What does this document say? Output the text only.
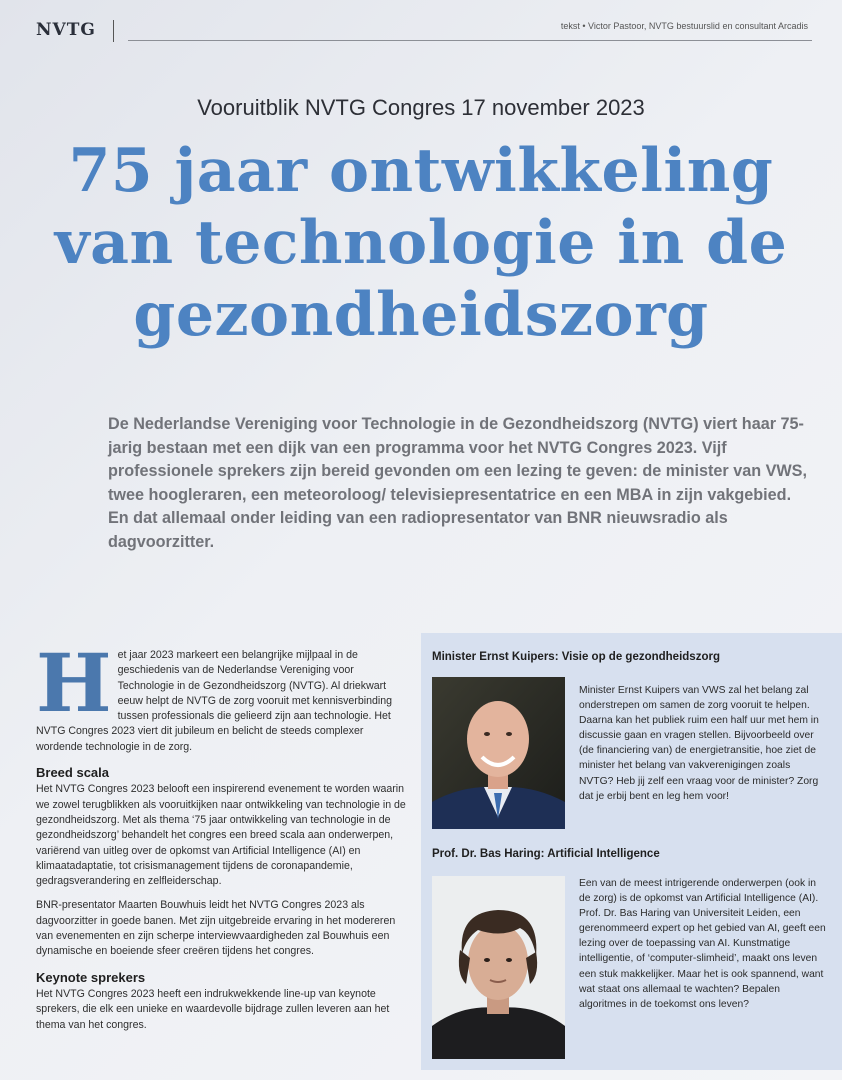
NVTG	tekst • Victor Pastoor, NVTG bestuurslid en consultant Arcadis
Vooruitblik NVTG Congres 17 november 2023
75 jaar ontwikkeling van technologie in de gezondheidszorg

De Nederlandse Vereniging voor Technologie in de Gezondheidszorg (NVTG) viert haar 75-jarig bestaan met een dijk van een programma voor het NVTG Congres 2023. Vijf professionele sprekers zijn bereid gevonden om een lezing te geven: de minister van VWS, twee hoogleraren, een meteoroloog/ televisiepresentatrice en een MBA in zijn vakgebied. En dat allemaal onder leiding van een radiopresentator van BNR nieuwsradio als dagvoorzitter.

Het jaar 2023 markeert een belangrijke mijlpaal in de geschiedenis van de Nederlandse Vereniging voor Technologie in de Gezondheidszorg (NVTG). Al driekwart eeuw helpt de NVTG de zorg vooruit met kennisverbinding tussen professionals die gelieerd zijn aan technologie. Het NVTG Congres 2023 viert dit jubileum en belicht de steeds complexer wordende technologie in de zorg.

Breed scala

Het NVTG Congres 2023 belooft een inspirerend evenement te worden waarin we zowel terugblikken als vooruitkijken naar ontwikkeling van technologie in de gezondheidszorg. Met als thema ‘75 jaar ontwikkeling van technologie in de gezondheidszorg’ behandelt het congres een breed scala aan onderwerpen, variërend van uitleg over de opkomst van Artificial Intelligence (AI) en klimaatadaptatie, tot crisismanagement tijdens de coronapandemie, gedragsverandering en zelfleiderschap.

BNR-presentator Maarten Bouwhuis leidt het NVTG Congres 2023 als dagvoorzitter in goede banen. Met zijn uitgebreide ervaring in het modereren van evenementen en zijn scherpe interviewvaardigheden zal Bouwhuis een dynamische en boeiende sfeer creëren tijdens het congres.

Keynote sprekers

Het NVTG Congres 2023 heeft een indrukwekkende line-up van keynote sprekers, die elk een unieke en waardevolle bijdrage zullen leveren aan het thema van het congres.

Minister Ernst Kuipers: Visie op de gezondheidszorg

Minister Ernst Kuipers van VWS zal het belang zal onderstrepen om samen de zorg vooruit te helpen. Daarna kan het publiek ruim een half uur met hem in discussie gaan en vragen stellen. Bijvoorbeeld over (de financiering van) de energietransitie, hoe ziet de minister het belang van vakverenigingen zoals NVTG? Heb jij zelf een vraag voor de minister? Zorg dat je erbij bent en leg hem voor!

Prof. Dr. Bas Haring: Artificial Intelligence

Een van de meest intrigerende onderwerpen (ook in de zorg) is de opkomst van Artificial Intelligence (AI). Prof. Dr. Bas Haring van Universiteit Leiden, een gerenommeerd expert op het gebied van AI, geeft een lezing over de toepassing van AI. Kunstmatige intelligentie, of ‘computer-slimheid’, maakt ons leven een stuk makkelijker. Maar het is ook spannend, want wat staat ons allemaal te wachten? Bepalen algoritmes in de toekomst ons leven?
